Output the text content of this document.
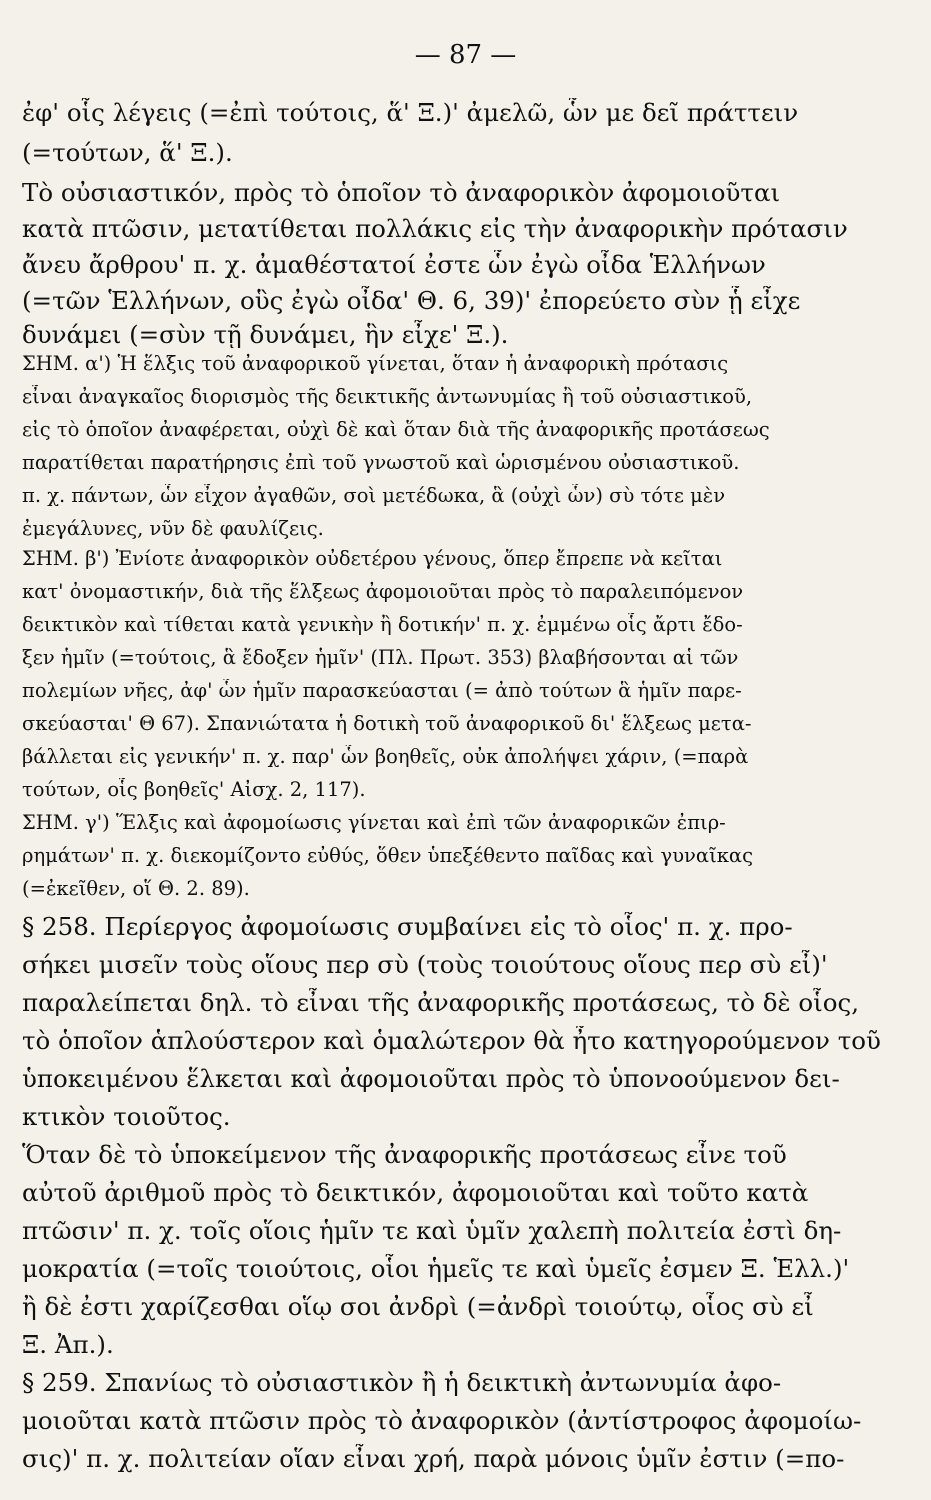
— 87 —
ἐφ' οἷς λέγεις (=ἐπὶ τούτοις, ἅ' Ξ.)' ἀμελῶ, ὧν με δεῖ πράττειν
(=τούτων, ἅ' Ξ.).
Τὸ οὐσιαστικόν, πρὸς τὸ ὁποῖον τὸ ἀναφορικὸν ἀφομοιοῦται
κατὰ πτῶσιν, μετατίθεται πολλάκις εἰς τὴν ἀναφορικὴν πρότασιν
ἄνευ ἄρθρου' π. χ. ἀμαθέστατοί ἐστε ὧν ἐγὼ οἶδα Ἑλλήνων
(=τῶν Ἑλλήνων, οὓς ἐγὼ οἶδα' Θ. 6, 39)' ἐπορεύετο σὺν ᾗ εἶχε
δυνάμει (=σὺν τῇ δυνάμει, ἣν εἶχε' Ξ.).
ΣΗΜ. α') Ἡ ἕλξις τοῦ ἀναφορικοῦ γίνεται, ὅταν ἡ ἀναφορικὴ πρότασις
εἶναι ἀναγκαῖος διορισμὸς τῆς δεικτικῆς ἀντωνυμίας ἢ τοῦ οὐσιαστικοῦ,
εἰς τὸ ὁποῖον ἀναφέρεται, οὐχὶ δὲ καὶ ὅταν διὰ τῆς ἀναφορικῆς προτάσεως
παρατίθεται παρατήρησις ἐπὶ τοῦ γνωστοῦ καὶ ὡρισμένου οὐσιαστικοῦ.
π. χ. πάντων, ὧν εἶχον ἀγαθῶν, σοὶ μετέδωκα, ἃ (οὐχὶ ὧν) σὺ τότε μὲν
ἐμεγάλυνες, νῦν δὲ φαυλίζεις.
ΣΗΜ. β') Ἐνίοτε ἀναφορικὸν οὐδετέρου γένους, ὅπερ ἔπρεπε νὰ κεῖται
κατ' ὀνομαστικήν, διὰ τῆς ἕλξεως ἀφομοιοῦται πρὸς τὸ παραλειπόμενον
δεικτικὸν καὶ τίθεται κατὰ γενικὴν ἢ δοτικήν' π. χ. ἐμμένω οἷς ἄρτι ἔδο-
ξεν ἡμῖν (=τούτοις, ἃ ἔδοξεν ἡμῖν' (Πλ. Πρωτ. 353) βλαβήσονται αἱ τῶν
πολεμίων νῆες, ἀφ' ὧν ἡμῖν παρασκεύασται (= ἀπὸ τούτων ἃ ἡμῖν παρε-
σκεύασται' Θ 67). Σπανιώτατα ἡ δοτικὴ τοῦ ἀναφορικοῦ δι' ἕλξεως μετα-
βάλλεται εἰς γενικήν' π. χ. παρ' ὧν βοηθεῖς, οὐκ ἀπολήψει χάριν, (=παρὰ
τούτων, οἷς βοηθεῖς' Αἰσχ. 2, 117).
ΣΗΜ. γ') Ἕλξις καὶ ἀφομοίωσις γίνεται καὶ ἐπὶ τῶν ἀναφορικῶν ἐπιρ-
ρημάτων' π. χ. διεκομίζοντο εὐθύς, ὅθεν ὑπεξέθεντο παῖδας καὶ γυναῖκας
(=ἐκεῖθεν, οἵ Θ. 2. 89).
§ 258. Περίεργος ἀφομοίωσις συμβαίνει εἰς τὸ οἷος' π. χ. προ-
σήκει μισεῖν τοὺς οἵους περ σὺ (τοὺς τοιούτους οἵους περ σὺ εἶ)'
παραλείπεται δηλ. τὸ εἶναι τῆς ἀναφορικῆς προτάσεως, τὸ δὲ οἷος,
τὸ ὁποῖον ἁπλούστερον καὶ ὁμαλώτερον θὰ ἦτο κατηγορούμενον τοῦ
ὑποκειμένου ἕλκεται καὶ ἀφομοιοῦται πρὸς τὸ ὑπονοούμενον δει-
κτικὸν τοιοῦτος.
Ὅταν δὲ τὸ ὑποκείμενον τῆς ἀναφορικῆς προτάσεως εἶνε τοῦ
αὐτοῦ ἀριθμοῦ πρὸς τὸ δεικτικόν, ἀφομοιοῦται καὶ τοῦτο κατὰ
πτῶσιν' π. χ. τοῖς οἵοις ἡμῖν τε καὶ ὑμῖν χαλεπὴ πολιτεία ἐστὶ δη-
μοκρατία (=τοῖς τοιούτοις, οἷοι ἡμεῖς τε καὶ ὑμεῖς ἐσμεν Ξ. Ἑλλ.)'
ἢ δὲ ἐστι χαρίζεσθαι οἵῳ σοι ἀνδρὶ (=ἀνδρὶ τοιούτῳ, οἷος σὺ εἶ
Ξ. Ἀπ.).
§ 259. Σπανίως τὸ οὐσιαστικὸν ἢ ἡ δεικτικὴ ἀντωνυμία ἀφο-
μοιοῦται κατὰ πτῶσιν πρὸς τὸ ἀναφορικὸν (ἀντίστροφος ἀφομοίω-
σις)' π. χ. πολιτείαν οἵαν εἶναι χρή, παρὰ μόνοις ὑμῖν ἐστιν (=πο-
